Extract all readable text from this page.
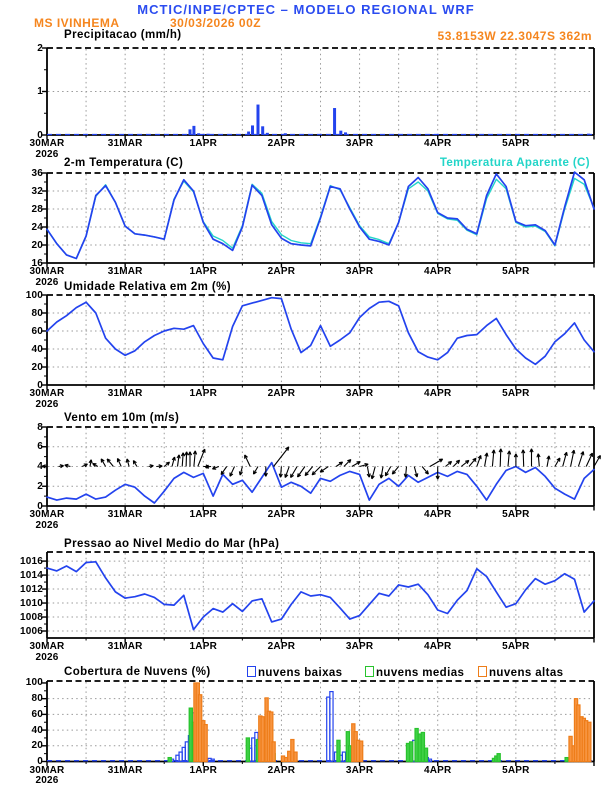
MCTIC/INPE/CPTEC – MODELO REGIONAL WRF
MS IVINHEMA	30/03/2026 00Z
53.8153W 22.3047S 362m
Precipitacao (mm/h)
2-m Temperatura (C)	Temperatura Aparente (C)
Umidade Relativa em 2m (%)
Vento em 10m (m/s)
Pressao ao Nivel Medio do Mar (hPa)
Cobertura de Nuvens (%)	nuvens baixas	nuvens medias	nuvens altas
0
1
2
30MAR	31MAR	1APR	2APR	3APR	4APR	5APR
2026
16
20
24
28
32
36
30MAR	31MAR	1APR	2APR	3APR	4APR	5APR
2026
0
20
40
60
80
100
30MAR	31MAR	1APR	2APR	3APR	4APR	5APR
2026
0
2
4
6
8
30MAR	31MAR	1APR	2APR	3APR	4APR	5APR
2026
1006
1008
1010
1012
1014
1016
30MAR	31MAR	1APR	2APR	3APR	4APR	5APR
2026
0
20
40
60
80
100
30MAR	31MAR	1APR	2APR	3APR	4APR	5APR
2026
